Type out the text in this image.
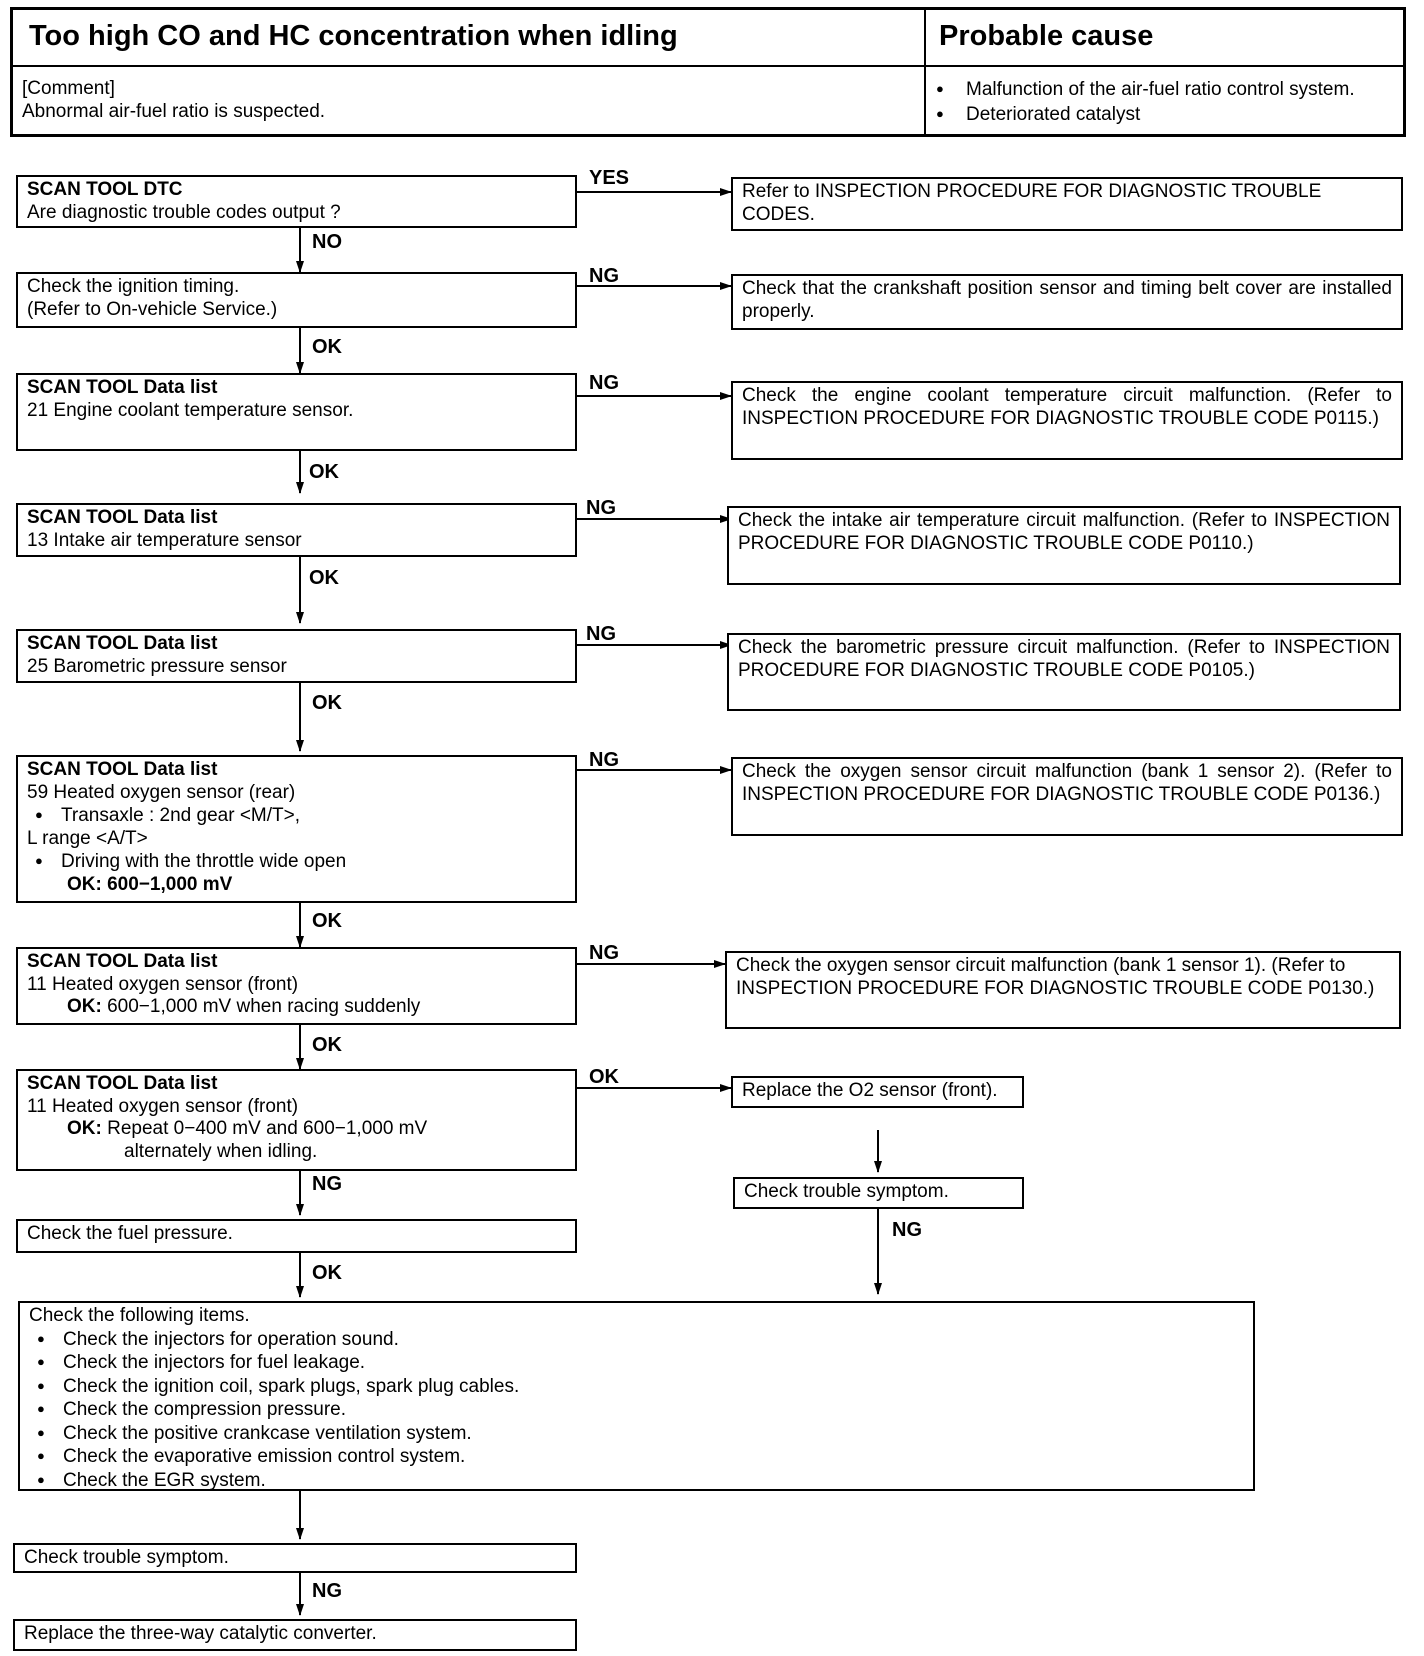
Too high CO and HC concentration when idling	Probable cause
[Comment]
Abnormal air-fuel ratio is suspected.
● Malfunction of the air-fuel ratio control system.
● Deteriorated catalyst
YES
NO
NG
OK
NG
OK
NG
OK
NG
OK
NG
OK
NG
OK
OK
NG
NG
OK
NG
SCAN TOOL DTC
Are diagnostic trouble codes output ?
Check the ignition timing.
(Refer to On-vehicle Service.)
SCAN TOOL Data list
21 Engine coolant temperature sensor.
SCAN TOOL Data list
13 Intake air temperature sensor
SCAN TOOL Data list
25 Barometric pressure sensor
SCAN TOOL Data list
59 Heated oxygen sensor (rear)
● Transaxle : 2nd gear <M/T>,
L range <A/T>
● Driving with the throttle wide open
OK: 600−1,000 mV
SCAN TOOL Data list
11 Heated oxygen sensor (front)
OK: 600−1,000 mV when racing suddenly
SCAN TOOL Data list
11 Heated oxygen sensor (front)
OK: Repeat 0−400 mV and 600−1,000 mV
alternately when idling.
Check the fuel pressure.
Check the following items.
● Check the injectors for operation sound.
● Check the injectors for fuel leakage.
● Check the ignition coil, spark plugs, spark plug cables.
● Check the compression pressure.
● Check the positive crankcase ventilation system.
● Check the evaporative emission control system.
● Check the EGR system.
Check trouble symptom.
Replace the three-way catalytic converter.
Refer to INSPECTION PROCEDURE FOR DIAGNOSTIC TROUBLE CODES.
Check that the crankshaft position sensor and timing belt cover are installed properly.
Check the engine coolant temperature circuit malfunction. (Refer to INSPECTION PROCEDURE FOR DIAGNOSTIC TROUBLE CODE P0115.)
Check the intake air temperature circuit malfunction. (Refer to INSPECTION PROCEDURE FOR DIAGNOSTIC TROUBLE CODE P0110.)
Check the barometric pressure circuit malfunction. (Refer to INSPECTION PROCEDURE FOR DIAGNOSTIC TROUBLE CODE P0105.)
Check the oxygen sensor circuit malfunction (bank 1 sensor 2). (Refer to INSPECTION PROCEDURE FOR DIAGNOSTIC TROUBLE CODE P0136.)
Check the oxygen sensor circuit malfunction (bank 1 sensor 1). (Refer to INSPECTION PROCEDURE FOR DIAGNOSTIC TROUBLE CODE P0130.)
Replace the O2 sensor (front).
Check trouble symptom.
